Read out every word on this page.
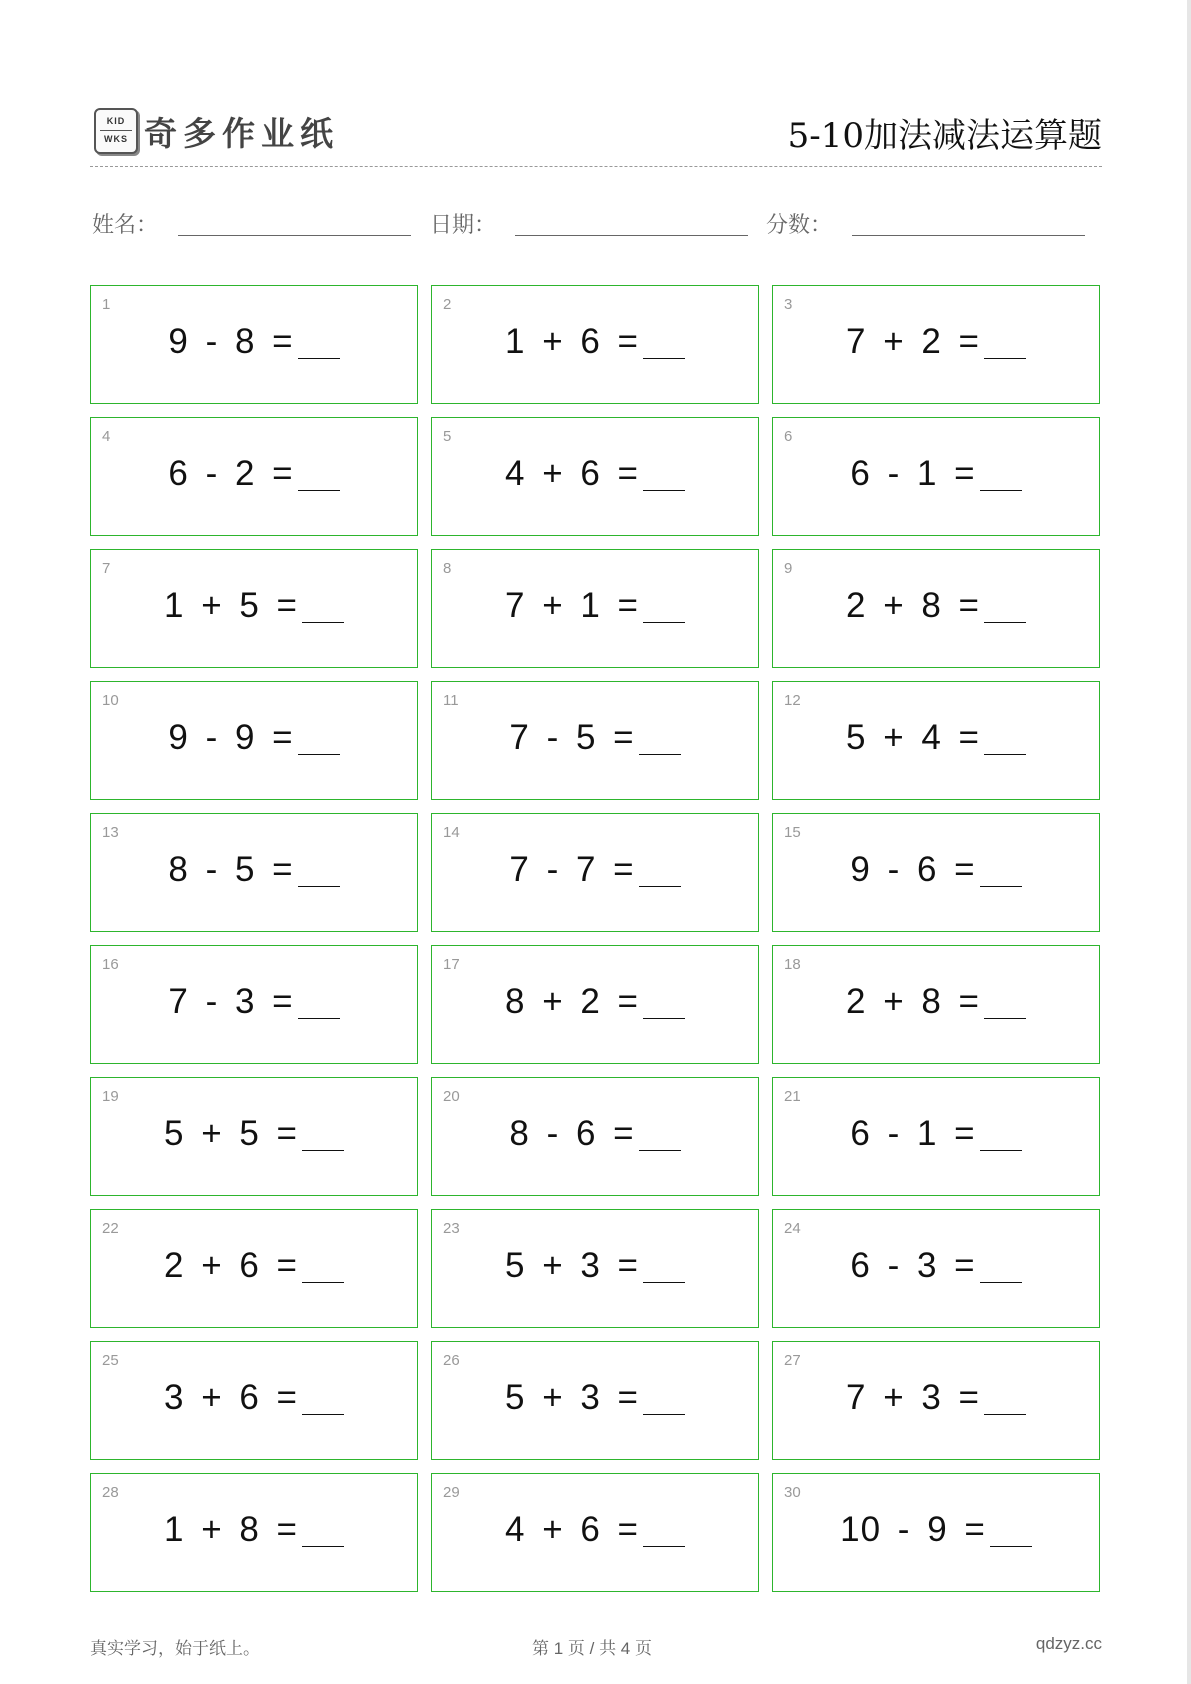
KID
WKS 奇多作业纸	5-10加法减法运算题
姓名：	日期：	分数：
1
9 - 8 =
2
1 + 6 =
3
7 + 2 =
4
6 - 2 =
5
4 + 6 =
6
6 - 1 =
7
1 + 5 =
8
7 + 1 =
9
2 + 8 =
10
9 - 9 =
11
7 - 5 =
12
5 + 4 =
13
8 - 5 =
14
7 - 7 =
15
9 - 6 =
16
7 - 3 =
17
8 + 2 =
18
2 + 8 =
19
5 + 5 =
20
8 - 6 =
21
6 - 1 =
22
2 + 6 =
23
5 + 3 =
24
6 - 3 =
25
3 + 6 =
26
5 + 3 =
27
7 + 3 =
28
1 + 8 =
29
4 + 6 =
30
10 - 9 =
真实学习，始于纸上。	第 1 页 / 共 4 页	qdzyz.cc
